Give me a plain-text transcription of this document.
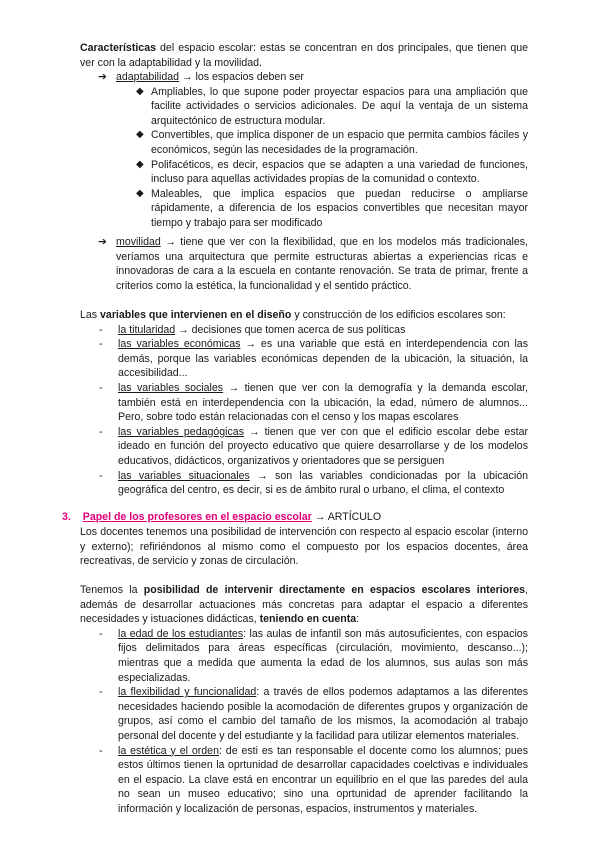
Características del espacio escolar: estas se concentran en dos principales, que tienen que ver con la adaptabilidad y la movilidad.
➔ adaptabilidad → los espacios deben ser
◆ Ampliables, lo que supone poder proyectar espacios para una ampliación que facilite actividades o servicios adicionales. De aquí la ventaja de un sistema arquitectónico de estructura modular.
◆ Convertibles, que implica disponer de un espacio que permita cambios fáciles y económicos, según las necesidades de la programación.
◆ Polifacéticos, es decir, espacios que se adapten a una variedad de funciones, incluso para aquellas actividades propias de la comunidad o contexto.
◆ Maleables, que implica espacios que puedan reducirse o ampliarse rápidamente, a diferencia de los espacios convertibles que necesitan mayor tiempo y trabajo para ser modificado
➔ movilidad → tiene que ver con la flexibilidad, que en los modelos más tradicionales, veríamos una arquitectura que permite estructuras abiertas a experiencias ricas e innovadoras de cara a la escuela en contante renovación. Se trata de primar, frente a criterios como la estética, la funcionalidad y el sentido práctico.
Las variables que intervienen en el diseño y construcción de los edificios escolares son:
- la titularidad → decisiones que tomen acerca de sus políticas
- las variables económicas → es una variable que está en interdependencia con las demás, porque las variables económicas dependen de la ubicación, la situación, la accesibilidad...
- las variables sociales → tienen que ver con la demografía y la demanda escolar, también está en interdependencia con la ubicación, la edad, número de alumnos... Pero, sobre todo están relacionadas con el censo y los mapas escolares
- las variables pedagógicas → tienen que ver con que el edificio escolar debe estar ideado en función del proyecto educativo que quiere desarrollarse y de los modelos educativos, didácticos, organizativos y orientadores que se persiguen
- las variables situacionales → son las variables condicionadas por la ubicación geográfica del centro, es decir, si es de ámbito rural o urbano, el clima, el contexto
3. Papel de los profesores en el espacio escolar → ARTÍCULO
Los docentes tenemos una posibilidad de intervención con respecto al espacio escolar (interno y externo); refiriéndonos al mismo como el compuesto por los espacios docentes, área recreativas, de servicio y zonas de circulación.
Tenemos la posibilidad de intervenir directamente en espacios escolares interiores, además de desarrollar actuaciones más concretas para adaptar el espacio a diferentes necesidades y istuaciones didácticas, teniendo en cuenta:
- la edad de los estudiantes: las aulas de infantil son más autosuficientes, con espacios fijos delimitados para áreas específicas (circulación, movimiento, descanso...); mientras que a medida que aumenta la edad de los alumnos, sus aulas son más especializadas.
- la flexibilidad y funcionalidad: a través de ellos podemos adaptamos a las diferentes necesidades haciendo posible la acomodación de diferentes grupos y organización de grupos, así como el cambio del tamaño de los mismos, la acomodación al trabajo personal del docente y del estudiante y la facilidad para utilizar elementos materiales.
- la estética y el orden: de esti es tan responsable el docente como los alumnos; pues estos últimos tienen la oprtunidad de desarrollar capacidades coelctivas e individuales en el espacio. La clave está en encontrar un equilibrio en el que las paredes del aula no sean un museo educativo; sino una oprtunidad de aprender facilitando la información y localización de personas, espacios, instrumentos y materiales.
